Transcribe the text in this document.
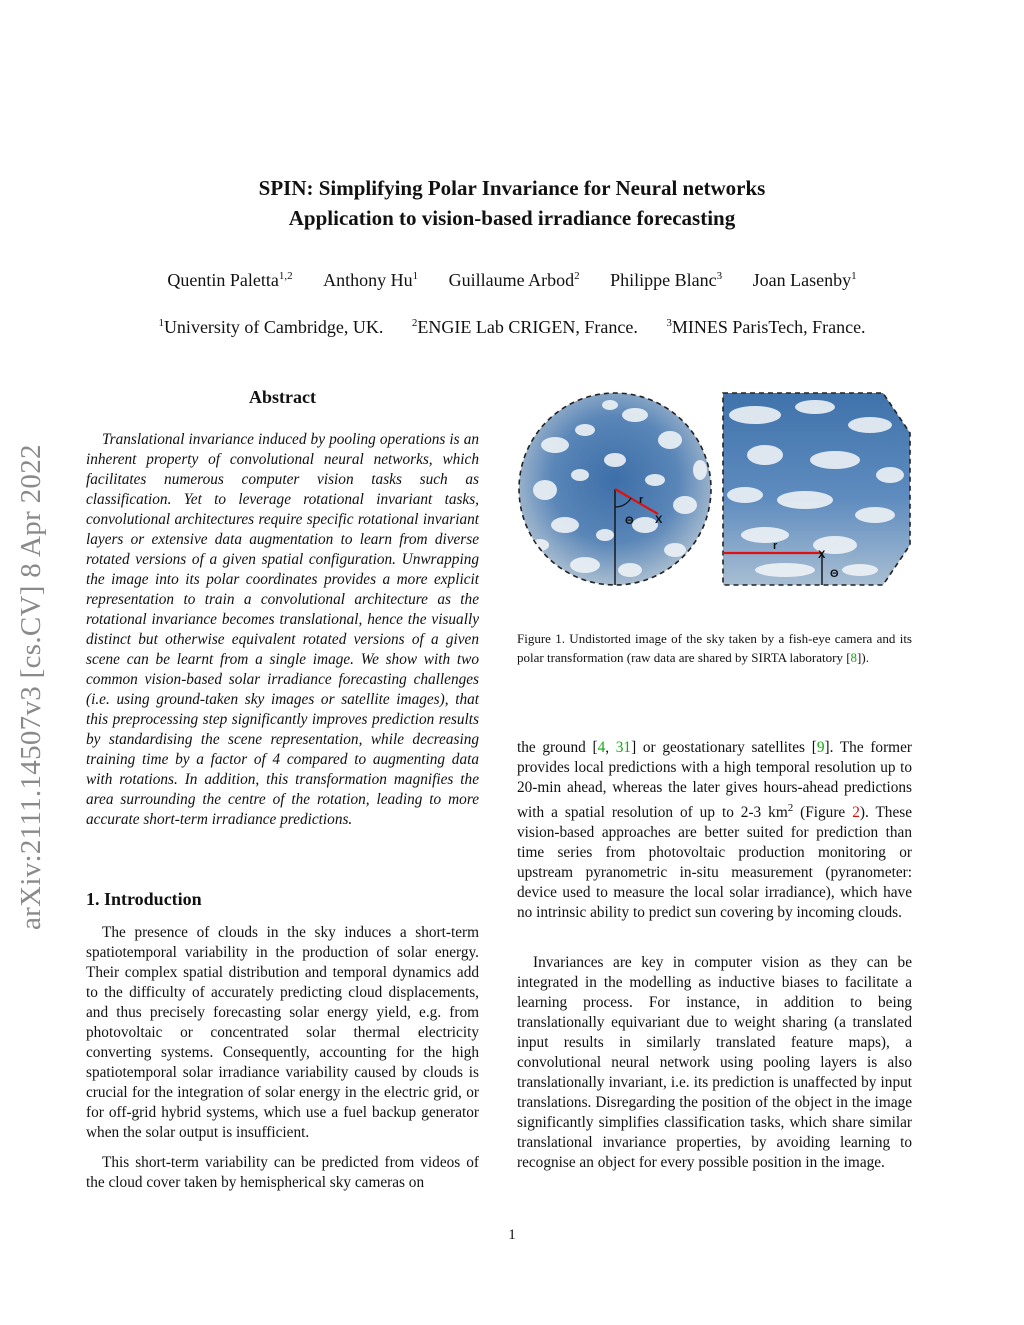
SPIN: Simplifying Polar Invariance for Neural networks
Application to vision-based irradiance forecasting
Quentin Paletta$^{1,2}$ Anthony Hu$^1$ Guillaume Arbod$^2$ Philippe Blanc$^3$ Joan Lasenby$^1$
$^1$University of Cambridge, UK.	$^2$ENGIE Lab CRIGEN, France.	$^3$MINES ParisTech, France.
arXiv:2111.14507v3 [cs.CV] 8 Apr 2022
Abstract

Translational invariance induced by pooling operations is an inherent property of convolutional neural networks, which facilitates numerous computer vision tasks such as classification. Yet to leverage rotational invariant tasks, convolutional architectures require specific rotational invariant layers or extensive data augmentation to learn from diverse rotated versions of a given spatial configuration. Unwrapping the image into its polar coordinates provides a more explicit representation to train a convolutional architecture as the rotational invariance becomes translational, hence the visually distinct but otherwise equivalent rotated versions of a given scene can be learnt from a single image. We show with two common vision-based solar irradiance forecasting challenges (i.e. using ground-taken sky images or satellite images), that this preprocessing step significantly improves prediction results by standardising the scene representation, while decreasing training time by a factor of 4 compared to augmenting data with rotations. In addition, this transformation magnifies the area surrounding the centre of the rotation, leading to more accurate short-term irradiance predictions.

1. Introduction

The presence of clouds in the sky induces a short-term spatiotemporal variability in the production of solar energy. Their complex spatial distribution and temporal dynamics add to the difficulty of accurately predicting cloud displacements, and thus precisely forecasting solar energy yield, e.g. from photovoltaic or concentrated solar thermal electricity converting systems. Consequently, accounting for the high spatiotemporal solar irradiance variability caused by clouds is crucial for the integration of solar energy in the electric grid, or for off-grid hybrid systems, which use a fuel backup generator when the solar output is insufficient.

This short-term variability can be predicted from videos of the cloud cover taken by hemispherical sky cameras on

r
X
Θ
r
X
Θ
Figure 1. Undistorted image of the sky taken by a fish-eye camera and its polar transformation (raw data are shared by SIRTA laboratory [8]).

the ground [4, 31] or geostationary satellites [9]. The former provides local predictions with a high temporal resolution up to 20-min ahead, whereas the later gives hours-ahead predictions with a spatial resolution of up to 2-3 $km^2$ (Figure 2). These vision-based approaches are better suited for prediction than time series from photovoltaic production monitoring or upstream pyranometric in-situ measurement (pyranometer: device used to measure the local solar irradiance), which have no intrinsic ability to predict sun covering by incoming clouds.

Invariances are key in computer vision as they can be integrated in the modelling as inductive biases to facilitate a learning process. For instance, in addition to being translationally equivariant due to weight sharing (a translated input results in similarly translated feature maps), a convolutional neural network using pooling layers is also translationally invariant, i.e. its prediction is unaffected by input translations. Disregarding the position of the object in the image significantly simplifies classification tasks, which share similar translational invariance properties, by avoiding learning to recognise an object for every possible position in the image.

1
